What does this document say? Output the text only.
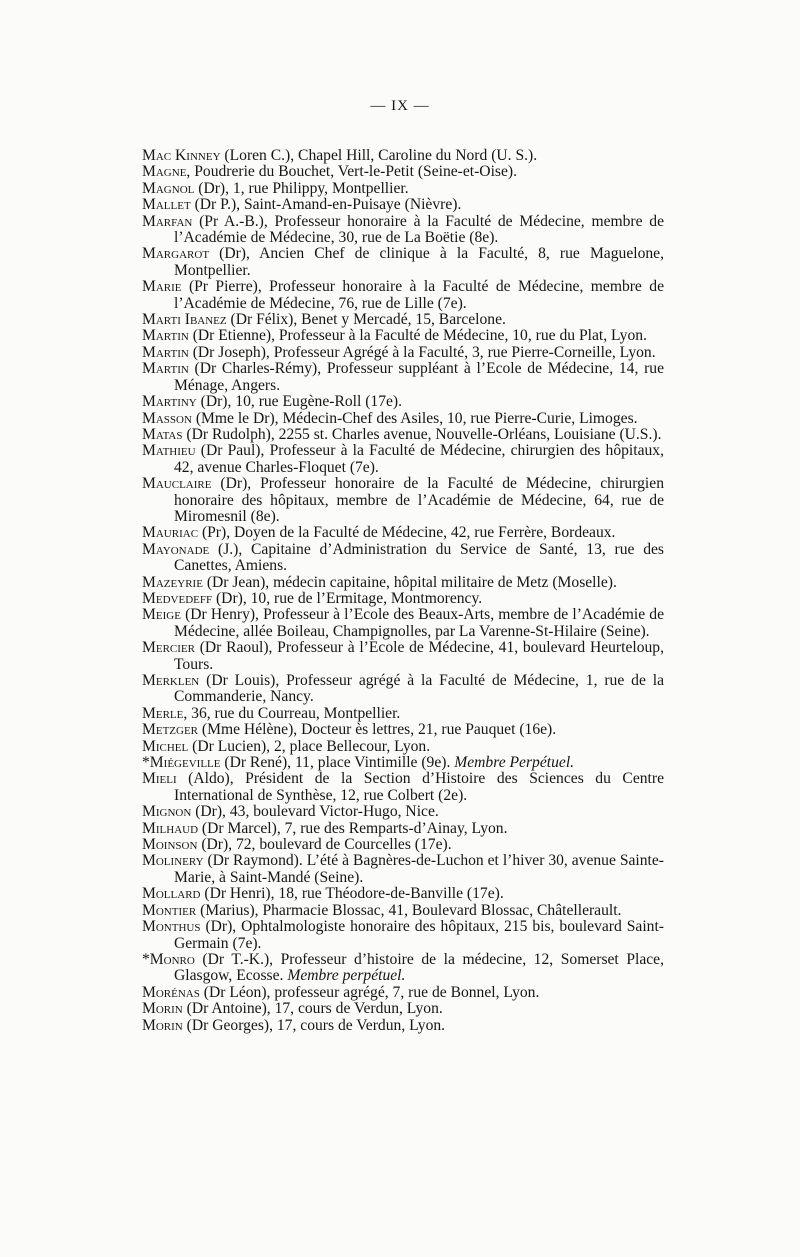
— IX —

Mac Kinney (Loren C.), Chapel Hill, Caroline du Nord (U. S.).

Magne, Poudrerie du Bouchet, Vert-le-Petit (Seine-et-Oise).

Magnol (Dr), 1, rue Philippy, Montpellier.

Mallet (Dr P.), Saint-Amand-en-Puisaye (Nièvre).

Marfan (Pr A.-B.), Professeur honoraire à la Faculté de Médecine, membre de l’Académie de Médecine, 30, rue de La Boëtie (8e).

Margarot (Dr), Ancien Chef de clinique à la Faculté, 8, rue Maguelone, Montpellier.

Marie (Pr Pierre), Professeur honoraire à la Faculté de Médecine, membre de l’Académie de Médecine, 76, rue de Lille (7e).

Marti Ibanez (Dr Félix), Benet y Mercadé, 15, Barcelone.

Martin (Dr Etienne), Professeur à la Faculté de Médecine, 10, rue du Plat, Lyon.

Martin (Dr Joseph), Professeur Agrégé à la Faculté, 3, rue Pierre-Corneille, Lyon.

Martin (Dr Charles-Rémy), Professeur suppléant à l’Ecole de Médecine, 14, rue Ménage, Angers.

Martiny (Dr), 10, rue Eugène-Roll (17e).

Masson (Mme le Dr), Médecin-Chef des Asiles, 10, rue Pierre-Curie, Limoges.

Matas (Dr Rudolph), 2255 st. Charles avenue, Nouvelle-Orléans, Louisiane (U.S.).

Mathieu (Dr Paul), Professeur à la Faculté de Médecine, chirurgien des hôpitaux, 42, avenue Charles-Floquet (7e).

Mauclaire (Dr), Professeur honoraire de la Faculté de Médecine, chirurgien honoraire des hôpitaux, membre de l’Académie de Médecine, 64, rue de Miromesnil (8e).

Mauriac (Pr), Doyen de la Faculté de Médecine, 42, rue Ferrère, Bordeaux.

Mayonade (J.), Capitaine d’Administration du Service de Santé, 13, rue des Canettes, Amiens.

Mazeyrie (Dr Jean), médecin capitaine, hôpital militaire de Metz (Moselle).

Medvedeff (Dr), 10, rue de l’Ermitage, Montmorency.

Meige (Dr Henry), Professeur à l’Ecole des Beaux-Arts, membre de l’Académie de Médecine, allée Boileau, Champignolles, par La Varenne-St-Hilaire (Seine).

Mercier (Dr Raoul), Professeur à l’Ecole de Médecine, 41, boulevard Heurteloup, Tours.

Merklen (Dr Louis), Professeur agrégé à la Faculté de Médecine, 1, rue de la Commanderie, Nancy.

Merle, 36, rue du Courreau, Montpellier.

Metzger (Mme Hélène), Docteur ès lettres, 21, rue Pauquet (16e).

Michel (Dr Lucien), 2, place Bellecour, Lyon.

*Miégeville (Dr René), 11, place Vintimille (9e). Membre Perpétuel.

Mieli (Aldo), Président de la Section d’Histoire des Sciences du Centre International de Synthèse, 12, rue Colbert (2e).

Mignon (Dr), 43, boulevard Victor-Hugo, Nice.

Milhaud (Dr Marcel), 7, rue des Remparts-d’Ainay, Lyon.

Moinson (Dr), 72, boulevard de Courcelles (17e).

Molinery (Dr Raymond). L’été à Bagnères-de-Luchon et l’hiver 30, avenue Sainte-Marie, à Saint-Mandé (Seine).

Mollard (Dr Henri), 18, rue Théodore-de-Banville (17e).

Montier (Marius), Pharmacie Blossac, 41, Boulevard Blossac, Châtellerault.

Monthus (Dr), Ophtalmologiste honoraire des hôpitaux, 215 bis, boulevard Saint-Germain (7e).

*Monro (Dr T.-K.), Professeur d’histoire de la médecine, 12, Somerset Place, Glasgow, Ecosse. Membre perpétuel.

Morénas (Dr Léon), professeur agrégé, 7, rue de Bonnel, Lyon.

Morin (Dr Antoine), 17, cours de Verdun, Lyon.

Morin (Dr Georges), 17, cours de Verdun, Lyon.
